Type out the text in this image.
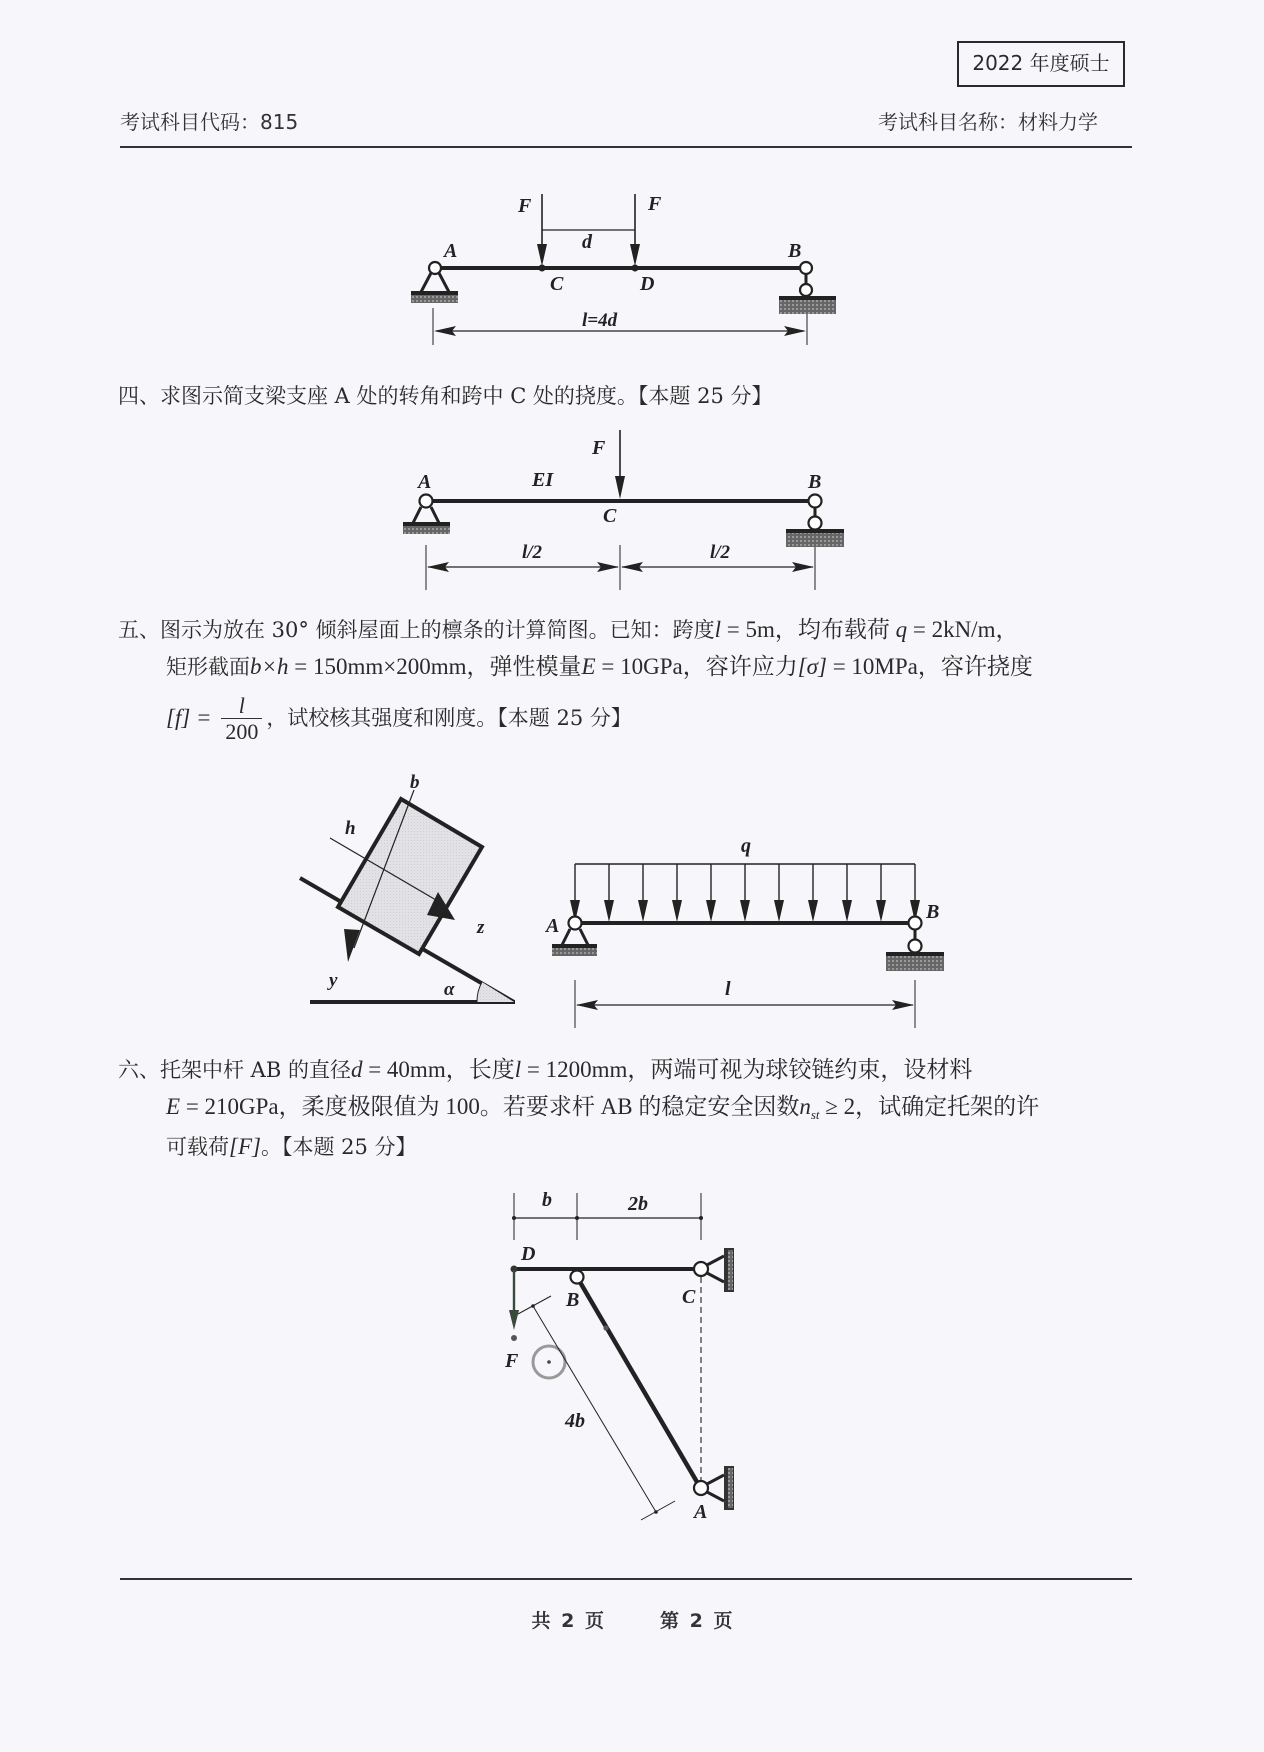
2022 年度硕士
考试科目代码：815	考试科目名称：材料力学
F	F
d
A
C	D
B
l=4d
四、求图示简支梁支座 A 处的转角和跨中 C 处的挠度。【本题 25 分】
F
EI
A
C
B
l/2	l/2
五、图示为放在 30° 倾斜屋面上的檩条的计算简图。已知：跨度l = 5m，均布载荷 q = 2kN/m，
矩形截面b×h = 150mm×200mm，弹性模量E = 10GPa，容许应力[σ] = 10MPa，容许挠度
$[f] = \frac{l}{200}$ ，试校核其强度和刚度。【本题 25 分】
b
h
z
y	α
q
A
B
l
六、托架中杆 AB 的直径d = 40mm，长度l = 1200mm，两端可视为球铰链约束，设材料
E = 210GPa，柔度极限值为 100。若要求杆 AB 的稳定安全因数$n_{st} \ge 2$，试确定托架的许
可载荷[F]。【本题 25 分】
b	2b
D
F
C
B
A
4b
共 2 页	第 2 页
